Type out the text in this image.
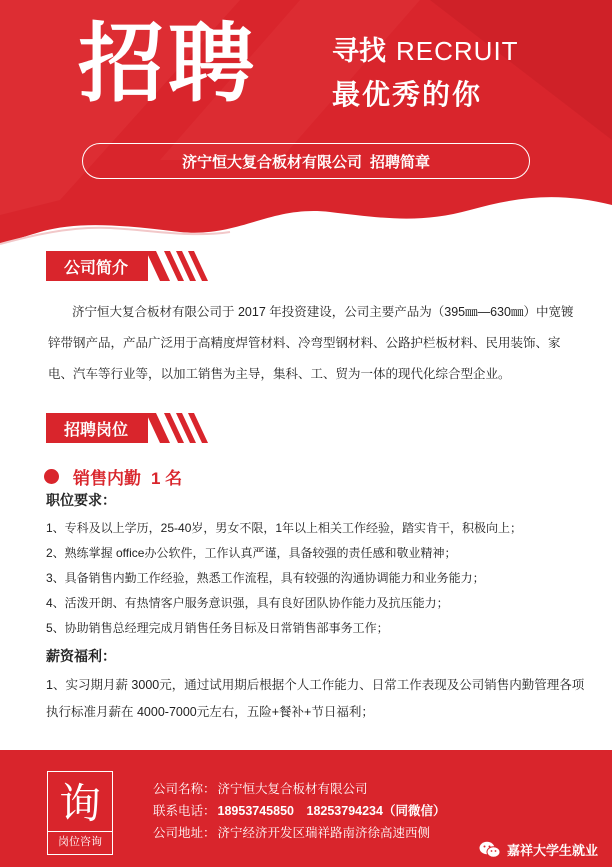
招聘	寻找 RECRUIT
最优秀的你
济宁恒大复合板材有限公司 招聘简章
公司简介
济宁恒大复合板材有限公司于 2017 年投资建设，公司主要产品为（395㎜—630㎜）中宽镀锌带钢产品，产品广泛用于高精度焊管材料、冷弯型钢材料、公路护栏板材料、民用装饰、家电、汽车等行业等，以加工销售为主导，集科、工、贸为一体的现代化综合型企业。
招聘岗位
销售内勤 1 名
职位要求：
1、专科及以上学历，25-40岁，男女不限，1年以上相关工作经验，踏实肯干，积极向上；
2、熟练掌握 office办公软件，工作认真严谨，具备较强的责任感和敬业精神；
3、具备销售内勤工作经验，熟悉工作流程，具有较强的沟通协调能力和业务能力；
4、活泼开朗、有热情客户服务意识强，具有良好团队协作能力及抗压能力；
5、协助销售总经理完成月销售任务目标及日常销售部事务工作；
薪资福利：
1、实习期月薪 3000元，通过试用期后根据个人工作能力、日常工作表现及公司销售内勤管理各项执行标准月薪在 4000-7000元左右，五险+餐补+节日福利；
询
岗位咨询
公司名称： 济宁恒大复合板材有限公司
联系电话： 18953745850　18253794234（同微信）
公司地址： 济宁经济开发区瑞祥路南济徐高速西侧
嘉祥大学生就业
